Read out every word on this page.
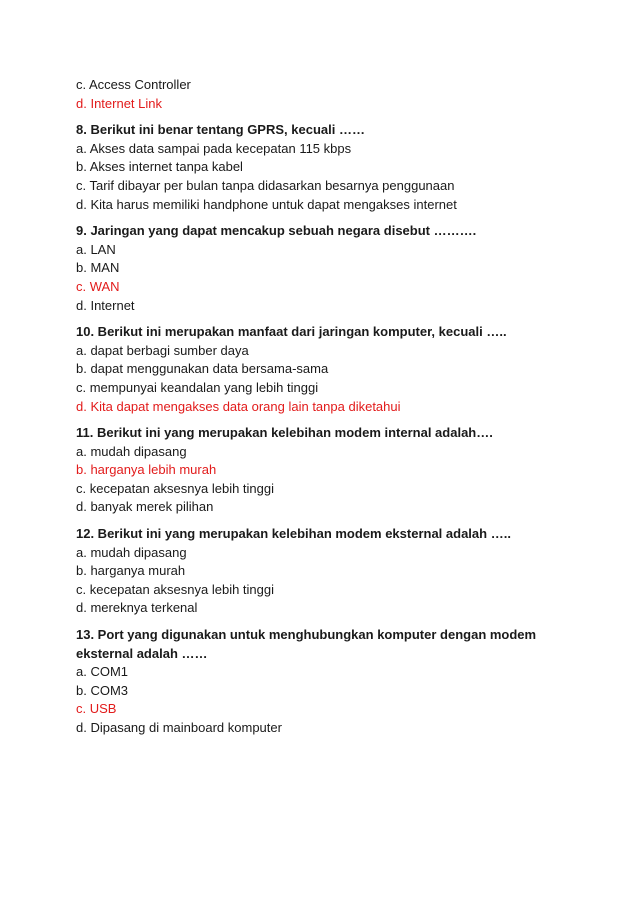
c. Access Controller
d. Internet Link
8. Berikut ini benar tentang GPRS, kecuali ……
a. Akses data sampai pada kecepatan 115 kbps
b. Akses internet tanpa kabel
c. Tarif dibayar per bulan tanpa didasarkan besarnya penggunaan
d. Kita harus memiliki handphone untuk dapat mengakses internet
9. Jaringan yang dapat mencakup sebuah negara disebut ……….
a. LAN
b. MAN
c. WAN
d. Internet
10. Berikut ini merupakan manfaat dari jaringan komputer, kecuali …..
a. dapat berbagi sumber daya
b. dapat menggunakan data bersama-sama
c. mempunyai keandalan yang lebih tinggi
d. Kita dapat mengakses data orang lain tanpa diketahui
11. Berikut ini yang merupakan kelebihan modem internal adalah….
a. mudah dipasang
b. harganya lebih murah
c. kecepatan aksesnya lebih tinggi
d. banyak merek pilihan
12. Berikut ini yang merupakan kelebihan modem eksternal adalah …..
a. mudah dipasang
b. harganya murah
c. kecepatan aksesnya lebih tinggi
d. mereknya terkenal
13. Port yang digunakan untuk menghubungkan komputer dengan modem eksternal adalah ……
a. COM1
b. COM3
c. USB
d. Dipasang di mainboard komputer
